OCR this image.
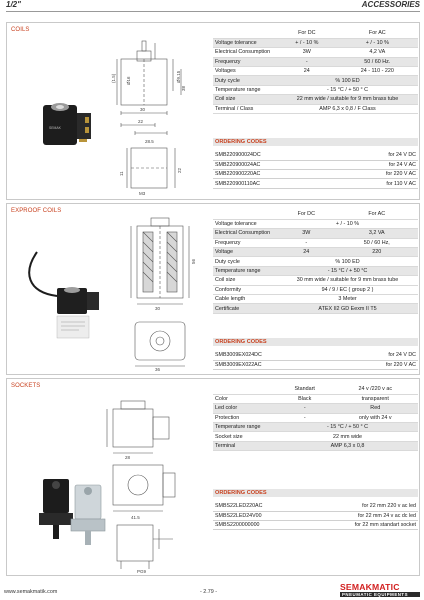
1/2"	ACCESSORIES
COILS
Ø16	Ø9.15
38
30
22
28.5
(1.5)
11
22
M3
SEMAK
	For DC	For AC
Voltage tolerance	+ / - 10 %	+ / - 10 %
Electrical Consumption	3W	4,2 VA
Frequenzy	-	50 / 60 Hz.
Voltages	24	24 - 110 - 220
Duty cycle	% 100 ED	
Temperature range	- 15 °C / + 50 ° C	
Coil size	22 mm wide / suitable for 9 mm brass tube	
Terminal / Class	AMP 6,3 x 0,8 / F Class	
ORDERING CODES
SMB220900024DC	for 24 V DC
SMB220900024AC	for 24 V AC
SMB220900220AC	for 220 V AC
SMB220900110AC	for 110 V AC
EXPROOF COILS
30
36
56
	For DC	For AC
Voltage tolerance	+ / - 10 %	
Electrical Consumption	3W	3,2 VA
Frequenzy	-	50 / 60 Hz,
Voltage	24	220
Duty cycle	% 100 ED	
Temperature range	- 15 °C / + 50 °C	
Coil size	30 mm wide / suitable for 9 mm brass tube	
Conformity	94 / 9 / EC ( group 2 )	
Cable length	3 Meter	
Certificate	ATEX II2 GD Eexm II T5	
ORDERING CODES
SMB3009EX024DC	for 24 V DC
SMB3009EX022AC	for 220 V AC
SOCKETS
28
41.5
PG9
	Standart	24 v /220 v ac
Color	Black	transparent
Led color	-	Red
Protection	-	only with 24 v
Temperature range	- 15 °C / + 50 ° C	
Socket size	22 mm wide	
Terminal	AMP 6,3 x 0,8	
ORDERING CODES
SMBS22LED220AC	for 22 mm 220 v ac led
SMBS22LED24V00	for 22 mm 24 v ac dc led
SMBS2200000000	for 22 mm standart socket
www.semakmatik.com	- 2.79 -	SEMAKMATIC
PNEUMATIC EQUIPMENTS
